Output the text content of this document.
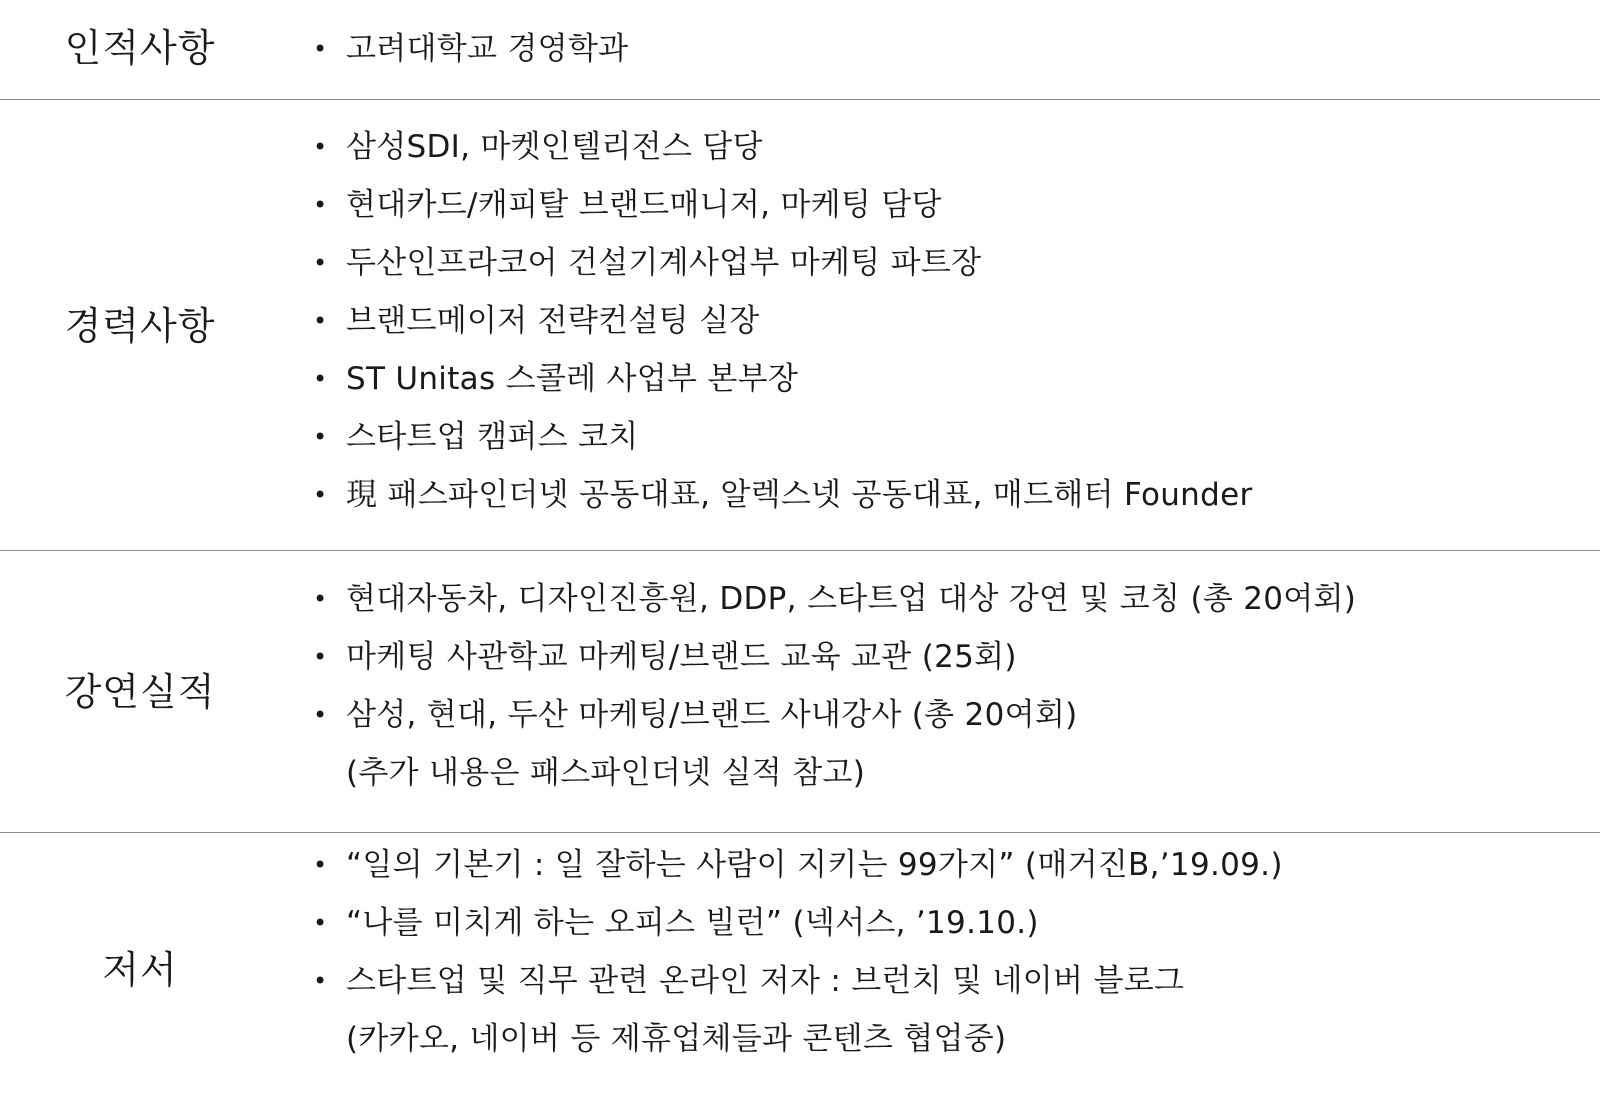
인적사항	• 고려대학교 경영학과
경력사항
• 삼성SDI, 마켓인텔리전스 담당
• 현대카드/캐피탈 브랜드매니저, 마케팅 담당
• 두산인프라코어 건설기계사업부 마케팅 파트장
• 브랜드메이저 전략컨설팅 실장
• ST Unitas 스콜레 사업부 본부장
• 스타트업 캠퍼스 코치
• 現 패스파인더넷 공동대표, 알렉스넷 공동대표, 매드해터 Founder
강연실적
• 현대자동차, 디자인진흥원, DDP, 스타트업 대상 강연 및 코칭 (총 20여회)
• 마케팅 사관학교 마케팅/브랜드 교육 교관 (25회)
• 삼성, 현대, 두산 마케팅/브랜드 사내강사 (총 20여회)
(추가 내용은 패스파인더넷 실적 참고)
저서
• “일의 기본기 : 일 잘하는 사람이 지키는 99가지” (매거진B,’19.09.)
• “나를 미치게 하는 오피스 빌런” (넥서스, ’19.10.)
• 스타트업 및 직무 관련 온라인 저자 : 브런치 및 네이버 블로그
(카카오, 네이버 등 제휴업체들과 콘텐츠 협업중)
